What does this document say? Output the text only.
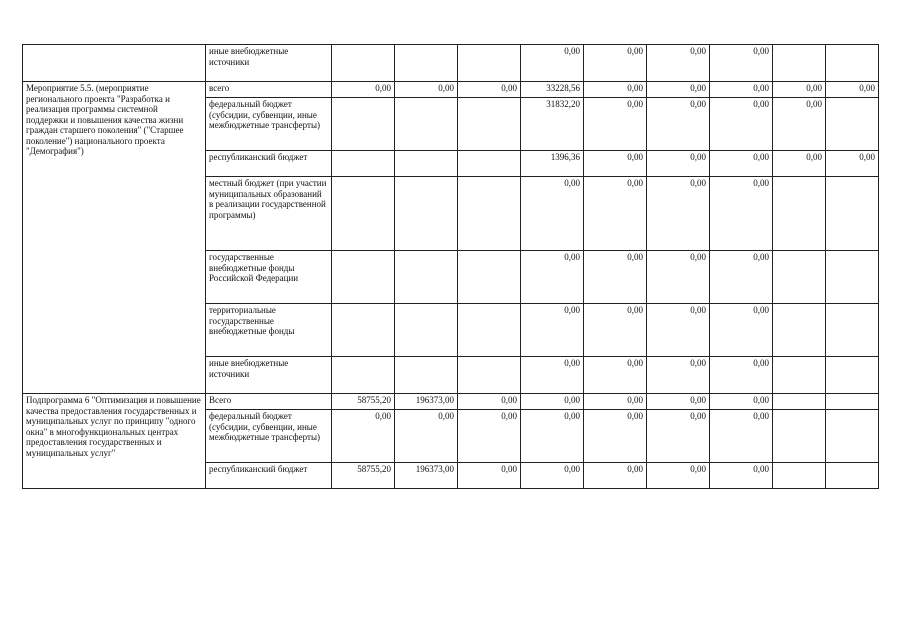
	иные внебюджетные источники				0,00	0,00	0,00	0,00		
Мероприятие 5.5. (мероприятие регионального проекта "Разработка и реализация программы системной поддержки и повышения качества жизни граждан старшего поколения" ("Старшее поколение") национального проекта "Демография")	всего	0,00	0,00	0,00	33228,56	0,00	0,00	0,00	0,00	0,00
	федеральный бюджет (субсидии, субвенции, иные межбюджетные трансферты)				31832,20	0,00	0,00	0,00	0,00	
	республиканский бюджет				1396,36	0,00	0,00	0,00	0,00	0,00
	местный бюджет (при участии муниципальных образований в реализации государственной программы)				0,00	0,00	0,00	0,00		
	государственные внебюджетные фонды Российской Федерации				0,00	0,00	0,00	0,00		
	территориальные государственные внебюджетные фонды				0,00	0,00	0,00	0,00		
	иные внебюджетные источники				0,00	0,00	0,00	0,00		
Подпрограмма 6 "Оптимизация и повышение качества предоставления государственных и муниципальных услуг по принципу "одного окна" в многофункциональных центрах предоставления государственных и муниципальных услуг"	Всего	58755,20	196373,00	0,00	0,00	0,00	0,00	0,00		
	федеральный бюджет (субсидии, субвенции, иные межбюджетные трансферты)	0,00	0,00	0,00	0,00	0,00	0,00	0,00		
	республиканский бюджет	58755,20	196373,00	0,00	0,00	0,00	0,00	0,00		
